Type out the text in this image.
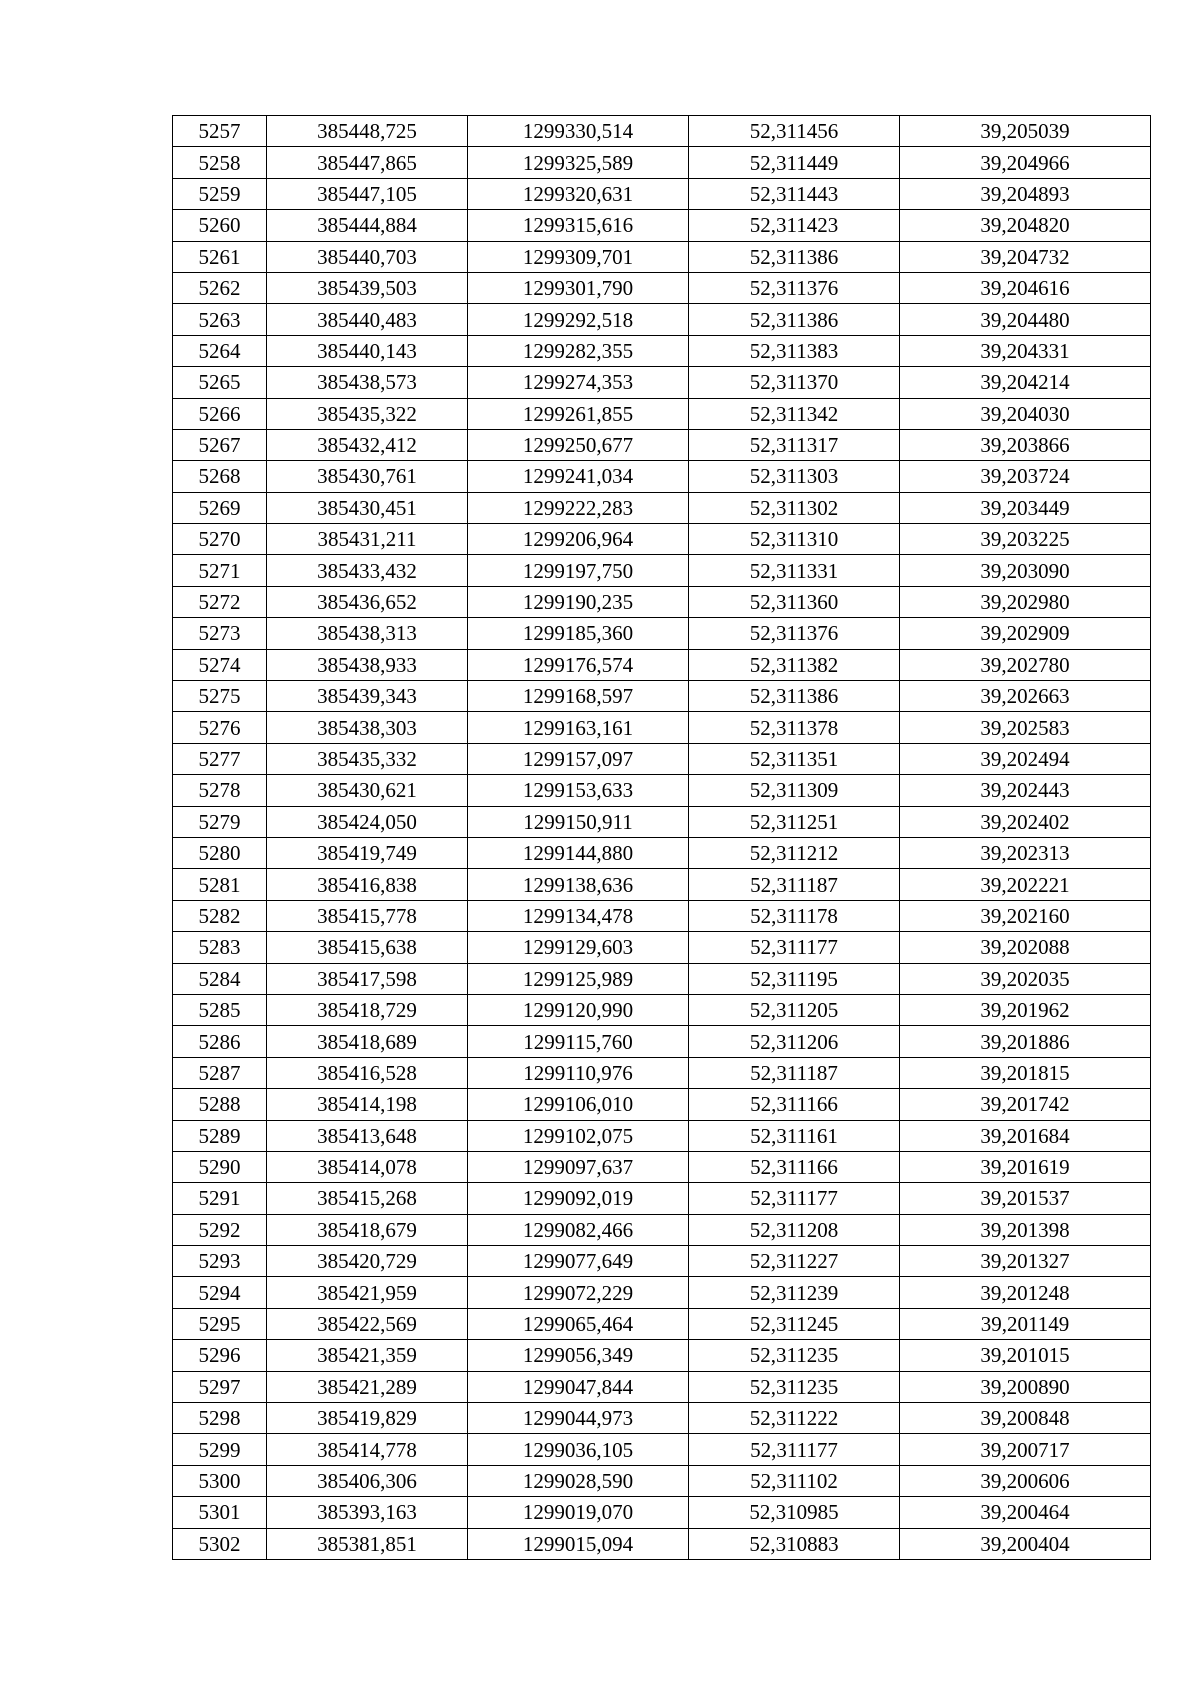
5257	385448,725	1299330,514	52,311456	39,205039
5258	385447,865	1299325,589	52,311449	39,204966
5259	385447,105	1299320,631	52,311443	39,204893
5260	385444,884	1299315,616	52,311423	39,204820
5261	385440,703	1299309,701	52,311386	39,204732
5262	385439,503	1299301,790	52,311376	39,204616
5263	385440,483	1299292,518	52,311386	39,204480
5264	385440,143	1299282,355	52,311383	39,204331
5265	385438,573	1299274,353	52,311370	39,204214
5266	385435,322	1299261,855	52,311342	39,204030
5267	385432,412	1299250,677	52,311317	39,203866
5268	385430,761	1299241,034	52,311303	39,203724
5269	385430,451	1299222,283	52,311302	39,203449
5270	385431,211	1299206,964	52,311310	39,203225
5271	385433,432	1299197,750	52,311331	39,203090
5272	385436,652	1299190,235	52,311360	39,202980
5273	385438,313	1299185,360	52,311376	39,202909
5274	385438,933	1299176,574	52,311382	39,202780
5275	385439,343	1299168,597	52,311386	39,202663
5276	385438,303	1299163,161	52,311378	39,202583
5277	385435,332	1299157,097	52,311351	39,202494
5278	385430,621	1299153,633	52,311309	39,202443
5279	385424,050	1299150,911	52,311251	39,202402
5280	385419,749	1299144,880	52,311212	39,202313
5281	385416,838	1299138,636	52,311187	39,202221
5282	385415,778	1299134,478	52,311178	39,202160
5283	385415,638	1299129,603	52,311177	39,202088
5284	385417,598	1299125,989	52,311195	39,202035
5285	385418,729	1299120,990	52,311205	39,201962
5286	385418,689	1299115,760	52,311206	39,201886
5287	385416,528	1299110,976	52,311187	39,201815
5288	385414,198	1299106,010	52,311166	39,201742
5289	385413,648	1299102,075	52,311161	39,201684
5290	385414,078	1299097,637	52,311166	39,201619
5291	385415,268	1299092,019	52,311177	39,201537
5292	385418,679	1299082,466	52,311208	39,201398
5293	385420,729	1299077,649	52,311227	39,201327
5294	385421,959	1299072,229	52,311239	39,201248
5295	385422,569	1299065,464	52,311245	39,201149
5296	385421,359	1299056,349	52,311235	39,201015
5297	385421,289	1299047,844	52,311235	39,200890
5298	385419,829	1299044,973	52,311222	39,200848
5299	385414,778	1299036,105	52,311177	39,200717
5300	385406,306	1299028,590	52,311102	39,200606
5301	385393,163	1299019,070	52,310985	39,200464
5302	385381,851	1299015,094	52,310883	39,200404
